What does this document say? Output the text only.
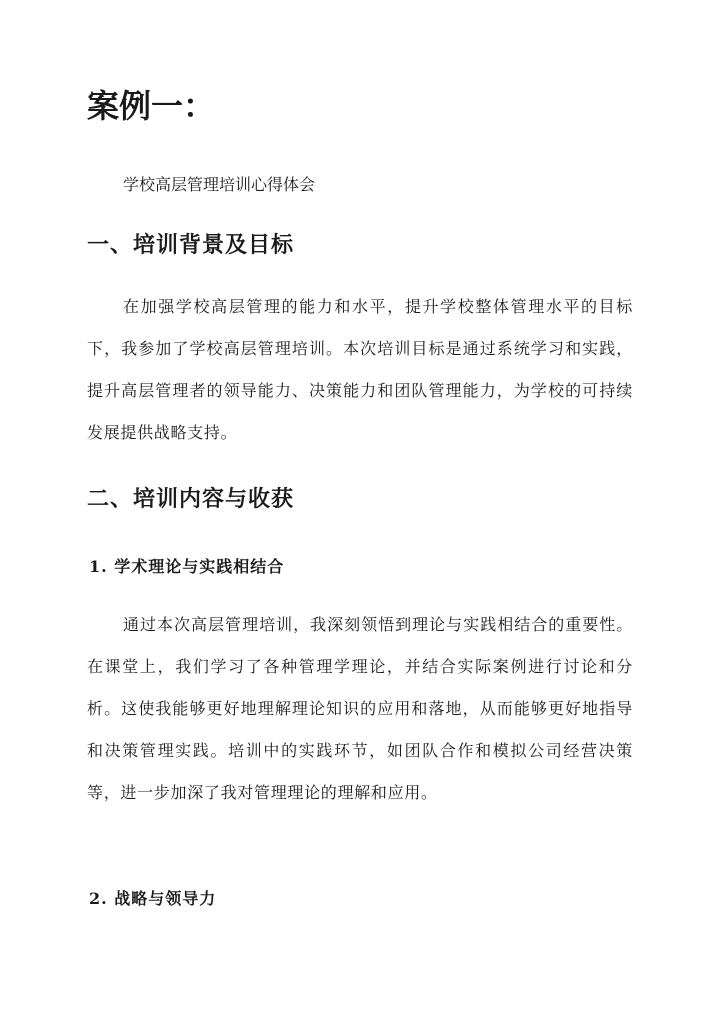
案例一：

学校高层管理培训心得体会

一、培训背景及目标

在加强学校高层管理的能力和水平，提升学校整体管理水平的目标下，我参加了学校高层管理培训。本次培训目标是通过系统学习和实践，提升高层管理者的领导能力、决策能力和团队管理能力，为学校的可持续发展提供战略支持。

二、培训内容与收获
1. 学术理论与实践相结合

通过本次高层管理培训，我深刻领悟到理论与实践相结合的重要性。在课堂上，我们学习了各种管理学理论，并结合实际案例进行讨论和分析。这使我能够更好地理解理论知识的应用和落地，从而能够更好地指导和决策管理实践。培训中的实践环节，如团队合作和模拟公司经营决策等，进一步加深了我对管理理论的理解和应用。

2. 战略与领导力
